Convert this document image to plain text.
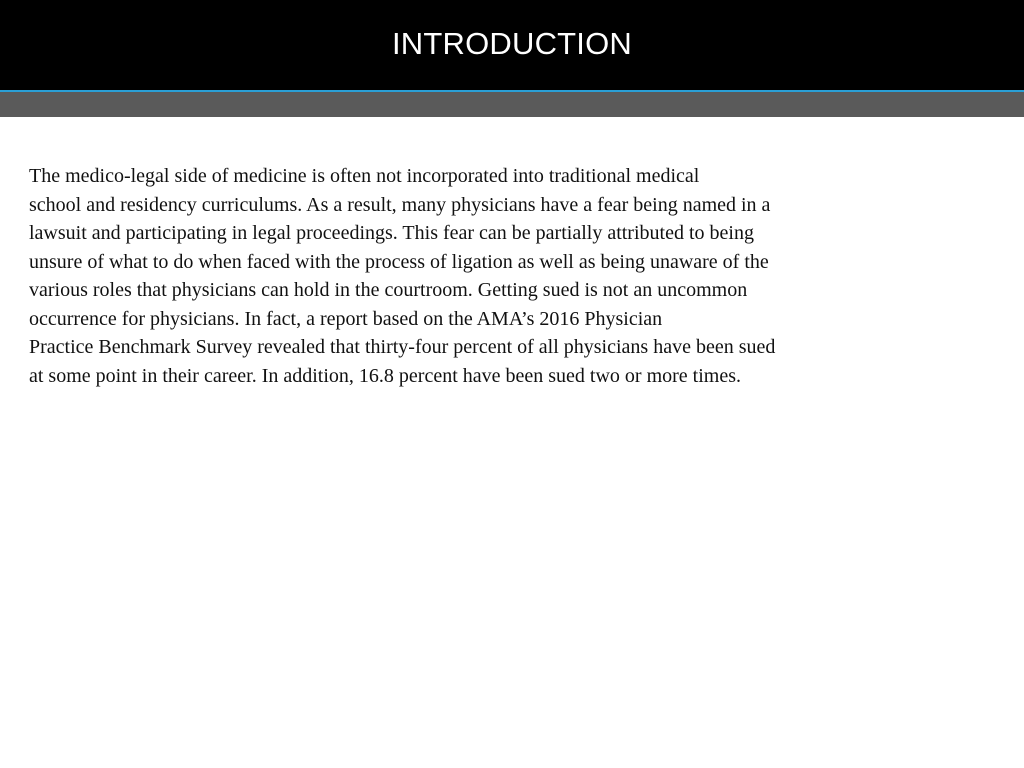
INTRODUCTION
The medico-legal side of medicine is often not incorporated into traditional medical
school and residency curriculums. As a result, many physicians have a fear being named in a
lawsuit and participating in legal proceedings. This fear can be partially attributed to being
unsure of what to do when faced with the process of ligation as well as being unaware of the
various roles that physicians can hold in the courtroom. Getting sued is not an uncommon
occurrence for physicians. In fact, a report based on the AMA’s 2016 Physician
Practice Benchmark Survey revealed that thirty-four percent of all physicians have been sued
at some point in their career. In addition, 16.8 percent have been sued two or more times.
